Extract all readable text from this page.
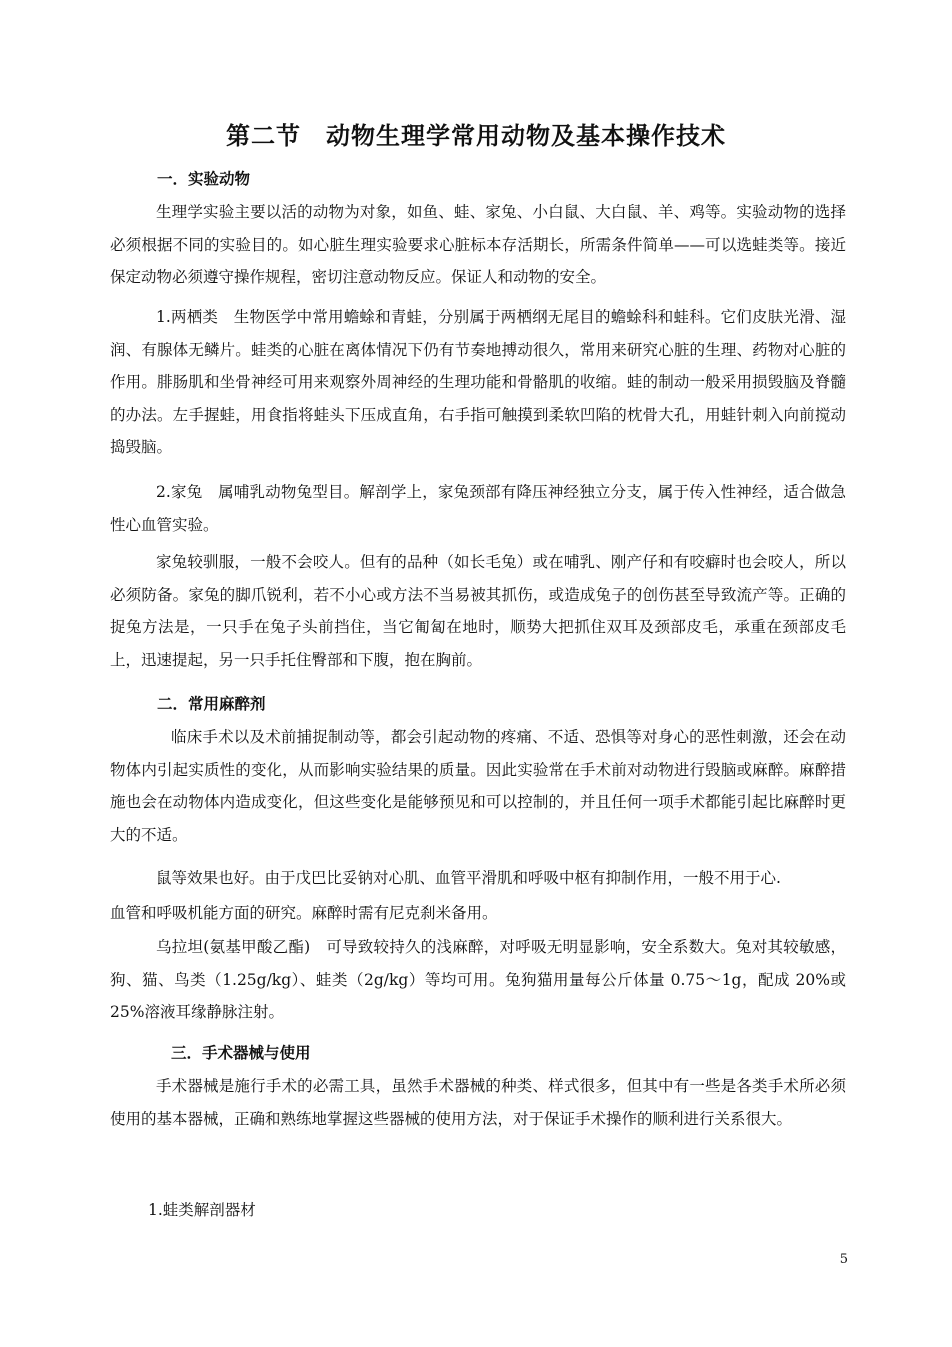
第二节　动物生理学常用动物及基本操作技术
一．实验动物

生理学实验主要以活的动物为对象，如鱼、蛙、家兔、小白鼠、大白鼠、羊、鸡等。实验动物的选择必须根据不同的实验目的。如心脏生理实验要求心脏标本存活期长，所需条件简单——可以选蛙类等。接近保定动物必须遵守操作规程，密切注意动物反应。保证人和动物的安全。

1.两栖类　生物医学中常用蟾蜍和青蛙，分别属于两栖纲无尾目的蟾蜍科和蛙科。它们皮肤光滑、湿润、有腺体无鳞片。蛙类的心脏在离体情况下仍有节奏地搏动很久，常用来研究心脏的生理、药物对心脏的作用。腓肠肌和坐骨神经可用来观察外周神经的生理功能和骨骼肌的收缩。蛙的制动一般采用损毁脑及脊髓的办法。左手握蛙，用食指将蛙头下压成直角，右手指可触摸到柔软凹陷的枕骨大孔，用蛙针刺入向前搅动捣毁脑。

2.家兔　属哺乳动物兔型目。解剖学上，家兔颈部有降压神经独立分支，属于传入性神经，适合做急性心血管实验。

家兔较驯服，一般不会咬人。但有的品种（如长毛兔）或在哺乳、刚产仔和有咬癖时也会咬人，所以必须防备。家兔的脚爪锐利，若不小心或方法不当易被其抓伤，或造成兔子的创伤甚至导致流产等。正确的捉兔方法是，一只手在兔子头前挡住，当它匍匐在地时，顺势大把抓住双耳及颈部皮毛，承重在颈部皮毛上，迅速提起，另一只手托住臀部和下腹，抱在胸前。

二．常用麻醉剂

临床手术以及术前捕捉制动等，都会引起动物的疼痛、不适、恐惧等对身心的恶性刺激，还会在动物体内引起实质性的变化，从而影响实验结果的质量。因此实验常在手术前对动物进行毁脑或麻醉。麻醉措施也会在动物体内造成变化，但这些变化是能够预见和可以控制的，并且任何一项手术都能引起比麻醉时更大的不适。

鼠等效果也好。由于戊巴比妥钠对心肌、血管平滑肌和呼吸中枢有抑制作用，一般不用于心.

血管和呼吸机能方面的研究。麻醉时需有尼克刹米备用。

乌拉坦(氨基甲酸乙酯)　可导致较持久的浅麻醉，对呼吸无明显影响，安全系数大。兔对其较敏感，狗、猫、鸟类（1.25g/kg）、蛙类（2g/kg）等均可用。兔狗猫用量每公斤体量 0.75～1g，配成 20%或 25%溶液耳缘静脉注射。

三．手术器械与使用

手术器械是施行手术的必需工具，虽然手术器械的种类、样式很多，但其中有一些是各类手术所必须使用的基本器械，正确和熟练地掌握这些器械的使用方法，对于保证手术操作的顺利进行关系很大。

1.蛙类解剖器材
5
